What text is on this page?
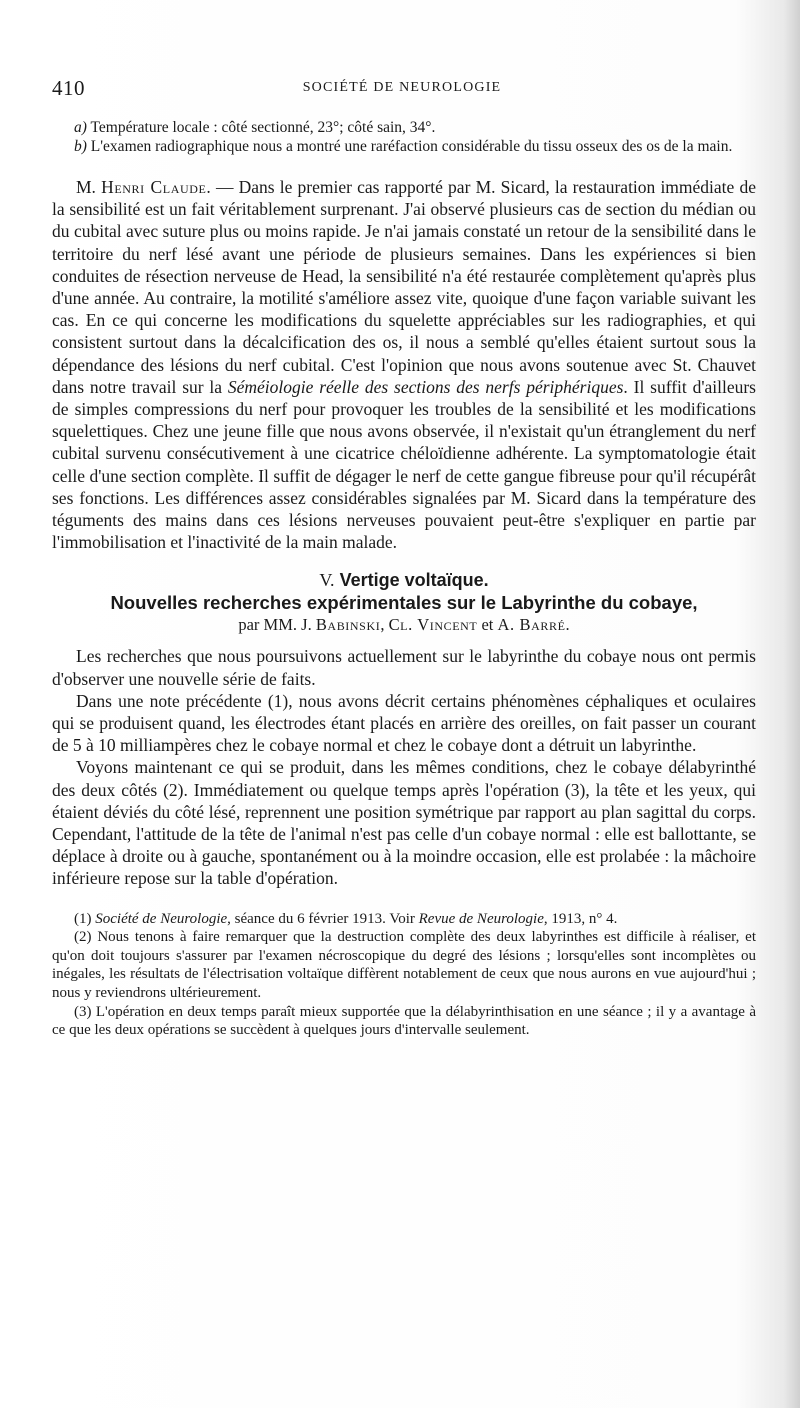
410	SOCIÉTÉ DE NEUROLOGIE

a) Température locale : côté sectionné, 23°; côté sain, 34°.

b) L'examen radiographique nous a montré une raréfaction considérable du tissu osseux des os de la main.

M. Henri Claude. — Dans le premier cas rapporté par M. Sicard, la restauration immédiate de la sensibilité est un fait véritablement surprenant. J'ai observé plusieurs cas de section du médian ou du cubital avec suture plus ou moins rapide. Je n'ai jamais constaté un retour de la sensibilité dans le territoire du nerf lésé avant une période de plusieurs semaines. Dans les expériences si bien conduites de résection nerveuse de Head, la sensibilité n'a été restaurée complètement qu'après plus d'une année. Au contraire, la motilité s'améliore assez vite, quoique d'une façon variable suivant les cas. En ce qui concerne les modifications du squelette appréciables sur les radiographies, et qui consistent surtout dans la décalcification des os, il nous a semblé qu'elles étaient surtout sous la dépendance des lésions du nerf cubital. C'est l'opinion que nous avons soutenue avec St. Chauvet dans notre travail sur la Séméiologie réelle des sections des nerfs périphériques. Il suffit d'ailleurs de simples compressions du nerf pour provoquer les troubles de la sensibilité et les modifications squelettiques. Chez une jeune fille que nous avons observée, il n'existait qu'un étranglement du nerf cubital survenu consécutivement à une cicatrice chéloïdienne adhérente. La symptomatologie était celle d'une section complète. Il suffit de dégager le nerf de cette gangue fibreuse pour qu'il récupérât ses fonctions. Les différences assez considérables signalées par M. Sicard dans la température des téguments des mains dans ces lésions nerveuses pouvaient peut-être s'expliquer en partie par l'immobilisation et l'inactivité de la main malade.

V. Vertige voltaïque.
Nouvelles recherches expérimentales sur le Labyrinthe du cobaye,
par MM. J. Babinski, Cl. Vincent et A. Barré.

Les recherches que nous poursuivons actuellement sur le labyrinthe du cobaye nous ont permis d'observer une nouvelle série de faits.

Dans une note précédente (1), nous avons décrit certains phénomènes céphaliques et oculaires qui se produisent quand, les électrodes étant placés en arrière des oreilles, on fait passer un courant de 5 à 10 milliampères chez le cobaye normal et chez le cobaye dont a détruit un labyrinthe.

Voyons maintenant ce qui se produit, dans les mêmes conditions, chez le cobaye délabyrinthé des deux côtés (2). Immédiatement ou quelque temps après l'opération (3), la tête et les yeux, qui étaient déviés du côté lésé, reprennent une position symétrique par rapport au plan sagittal du corps. Cependant, l'attitude de la tête de l'animal n'est pas celle d'un cobaye normal : elle est ballottante, se déplace à droite ou à gauche, spontanément ou à la moindre occasion, elle est prolabée : la mâchoire inférieure repose sur la table d'opération.

(1) Société de Neurologie, séance du 6 février 1913. Voir Revue de Neurologie, 1913, n° 4.

(2) Nous tenons à faire remarquer que la destruction complète des deux labyrinthes est difficile à réaliser, et qu'on doit toujours s'assurer par l'examen nécroscopique du degré des lésions ; lorsqu'elles sont incomplètes ou inégales, les résultats de l'électrisation voltaïque diffèrent notablement de ceux que nous aurons en vue aujourd'hui ; nous y reviendrons ultérieurement.

(3) L'opération en deux temps paraît mieux supportée que la délabyrinthisation en une séance ; il y a avantage à ce que les deux opérations se succèdent à quelques jours d'intervalle seulement.
